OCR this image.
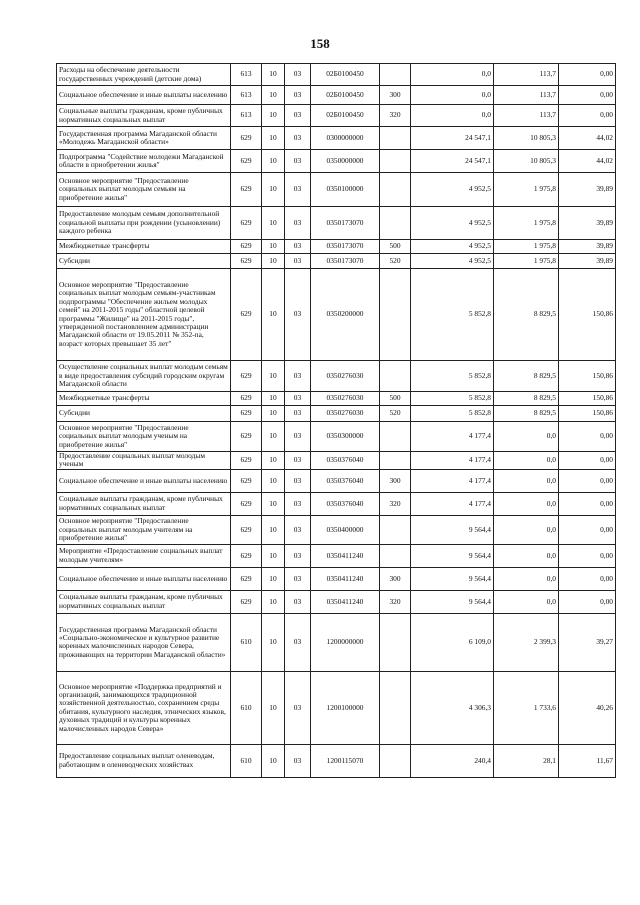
158
Расходы на обеспечение деятельности государственных учреждений (детские дома)	613	10	03	02Б0100450		0,0	113,7	0,00
Социальное обеспечение и иные выплаты населению	613	10	03	02Б0100450	300	0,0	113,7	0,00
Социальные выплаты гражданам, кроме публичных нормативных социальных выплат	613	10	03	02Б0100450	320	0,0	113,7	0,00
Государственная программа Магаданской области «Молодежь Магаданской области»	629	10	03	0300000000		24 547,1	10 805,3	44,02
Подпрограмма "Содействие молодежи Магаданской области в приобретении жилья"	629	10	03	0350000000		24 547,1	10 805,3	44,02
Основное мероприятие "Предоставление социальных выплат молодым семьям на приобретение жилья"	629	10	03	0350100000		4 952,5	1 975,8	39,89
Предоставление молодым семьям дополнительной социальной выплаты при рождении (усыновлении) каждого ребенка	629	10	03	0350173070		4 952,5	1 975,8	39,89
Межбюджетные трансферты	629	10	03	0350173070	500	4 952,5	1 975,8	39,89
Субсидии	629	10	03	0350173070	520	4 952,5	1 975,8	39,89
Основное мероприятие "Предоставление социальных выплат молодым семьям-участникам подпрограммы "Обеспечение жильем молодых семей" на 2011-2015 годы" областной целевой программы "Жилище" на 2011-2015 годы", утвержденной постановлением администрации Магаданской области от 19.05.2011 № 352-па, возраст которых превышает 35 лет"	629	10	03	0350200000		5 852,8	8 829,5	150,86
Осуществление социальных выплат молодым семьям в виде предоставления субсидий городским округам Магаданской области	629	10	03	0350276030		5 852,8	8 829,5	150,86
Межбюджетные трансферты	629	10	03	0350276030	500	5 852,8	8 829,5	150,86
Субсидии	629	10	03	0350276030	520	5 852,8	8 829,5	150,86
Основное мероприятие "Предоставление социальных выплат молодым ученым на приобретение жилья"	629	10	03	0350300000		4 177,4	0,0	0,00
Предоставление социальных выплат молодым ученым	629	10	03	0350376040		4 177,4	0,0	0,00
Социальное обеспечение и иные выплаты населению	629	10	03	0350376040	300	4 177,4	0,0	0,00
Социальные выплаты гражданам, кроме публичных нормативных социальных выплат	629	10	03	0350376040	320	4 177,4	0,0	0,00
Основное мероприятие "Предоставление социальных выплат молодым учителям на приобретение жилья"	629	10	03	0350400000		9 564,4	0,0	0,00
Мероприятие «Предоставление социальных выплат молодым учителям»	629	10	03	0350411240		9 564,4	0,0	0,00
Социальное обеспечение и иные выплаты населению	629	10	03	0350411240	300	9 564,4	0,0	0,00
Социальные выплаты гражданам, кроме публичных нормативных социальных выплат	629	10	03	0350411240	320	9 564,4	0,0	0,00
Государственная программа Магаданской области «Социально-экономическое и культурное развитие коренных малочисленных народов Севера, проживающих на территории Магаданской области»	610	10	03	1200000000		6 109,0	2 399,3	39,27
Основное мероприятие «Поддержка предприятий и организаций, занимающихся традиционной хозяйственной деятельностью, сохранением среды обитания, культурного наследия, этнических языков, духовных традиций и культуры коренных малочисленных народов Севера»	610	10	03	1200100000		4 306,3	1 733,6	40,26
Предоставление социальных выплат оленеводам, работающим в оленеводческих хозяйствах	610	10	03	1200115070		240,4	28,1	11,67
